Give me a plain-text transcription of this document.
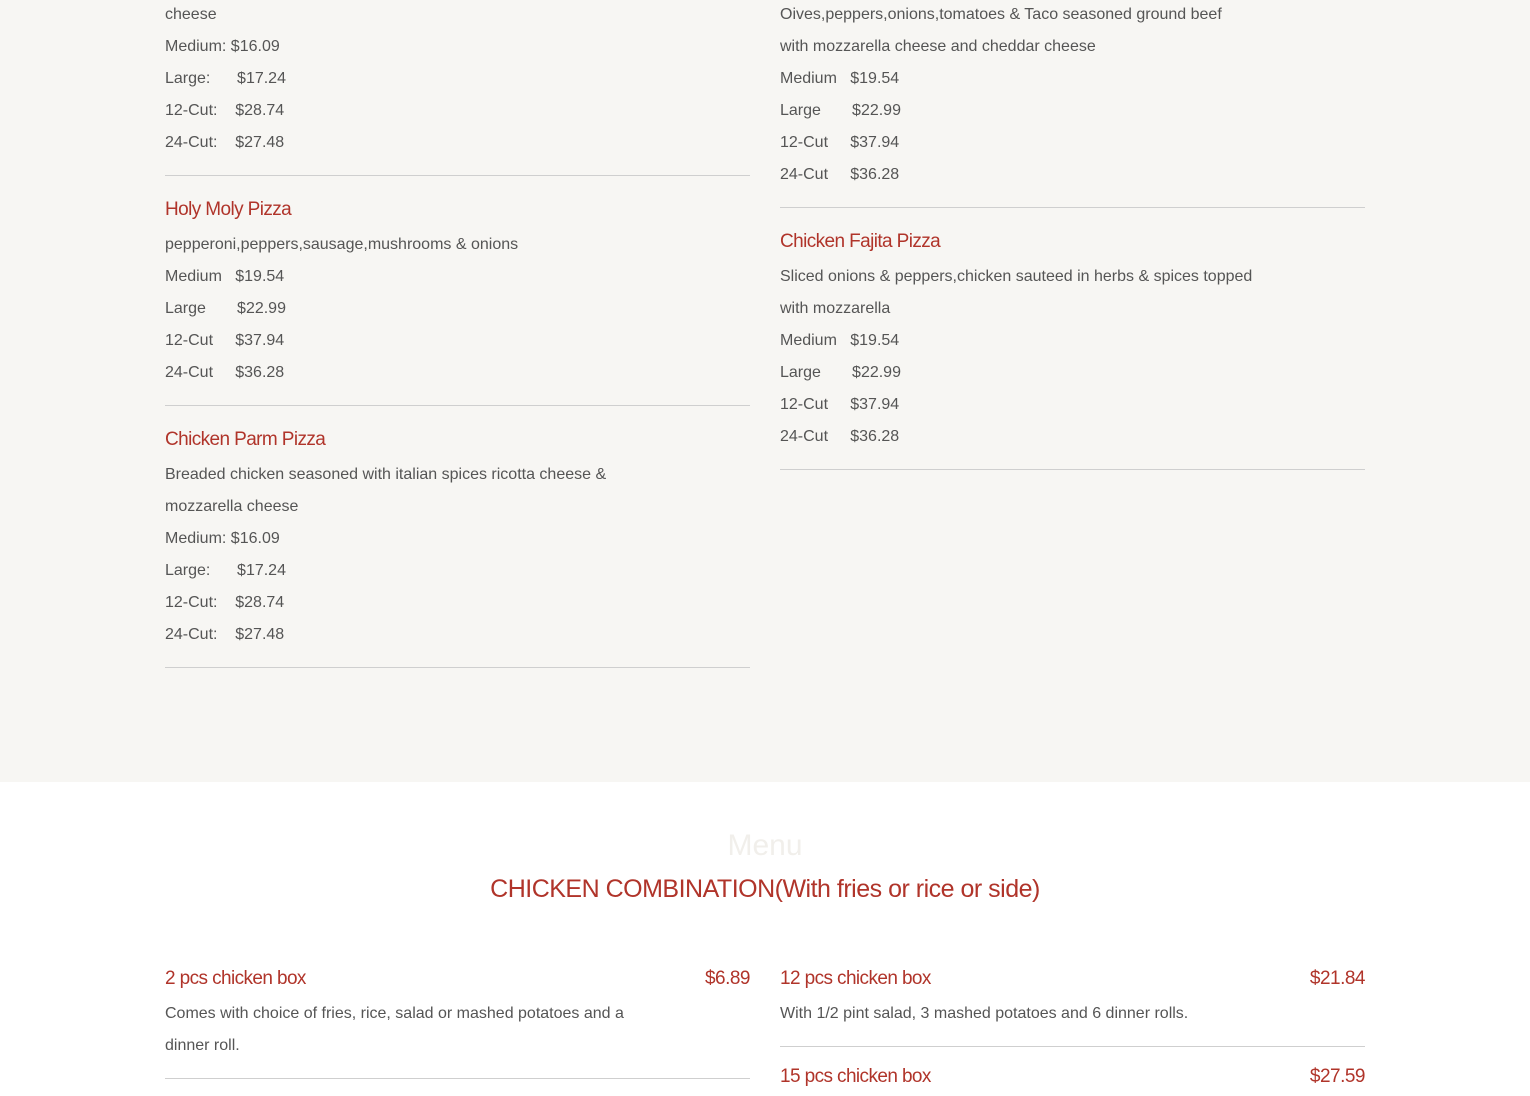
cheese
Medium: $16.09
Large:      $17.24
12-Cut:    $28.74
24-Cut:    $27.48
Holy Moly Pizza
pepperoni,peppers,sausage,mushrooms & onions
Medium   $19.54
Large       $22.99
12-Cut     $37.94
24-Cut     $36.28
Chicken Parm Pizza
Breaded chicken seasoned with italian spices ricotta cheese &
mozzarella cheese
Medium: $16.09
Large:      $17.24
12-Cut:    $28.74
24-Cut:    $27.48
Oives,peppers,onions,tomatoes & Taco seasoned ground beef
with mozzarella cheese and cheddar cheese
Medium   $19.54
Large       $22.99
12-Cut     $37.94
24-Cut     $36.28
Chicken Fajita Pizza
Sliced onions & peppers,chicken sauteed in herbs & spices topped
with mozzarella
Medium   $19.54
Large       $22.99
12-Cut     $37.94
24-Cut     $36.28
Menu
CHICKEN COMBINATION(With fries or rice or side)
2 pcs chicken box	$6.89
Comes with choice of fries, rice, salad or mashed potatoes and a dinner roll.
12 pcs chicken box	$21.84
With 1/2 pint salad, 3 mashed potatoes and 6 dinner rolls.
15 pcs chicken box	$27.59
